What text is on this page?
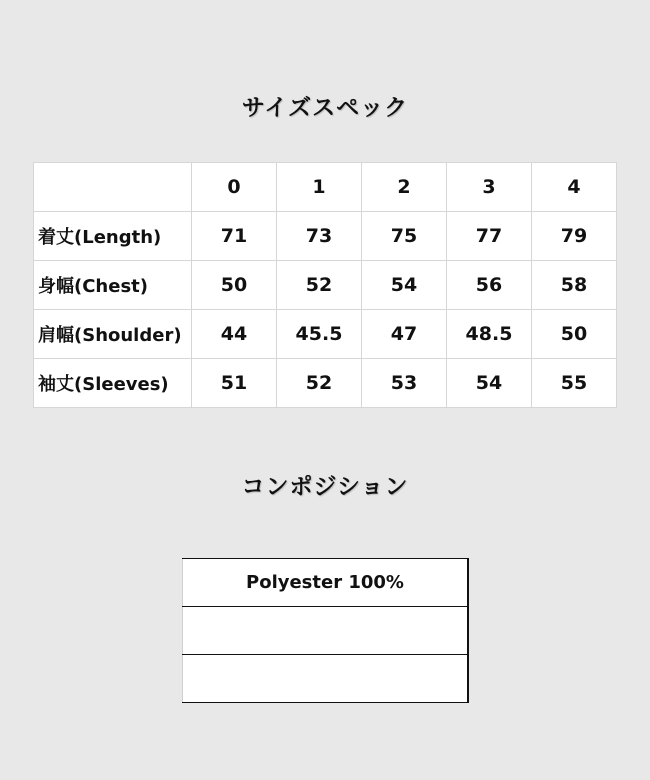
サイズスペック
	0	1	2	3	4
着丈(Length)	71	73	75	77	79
身幅(Chest)	50	52	54	56	58
肩幅(Shoulder)	44	45.5	47	48.5	50
袖丈(Sleeves)	51	52	53	54	55
コンポジション
Polyester 100%
